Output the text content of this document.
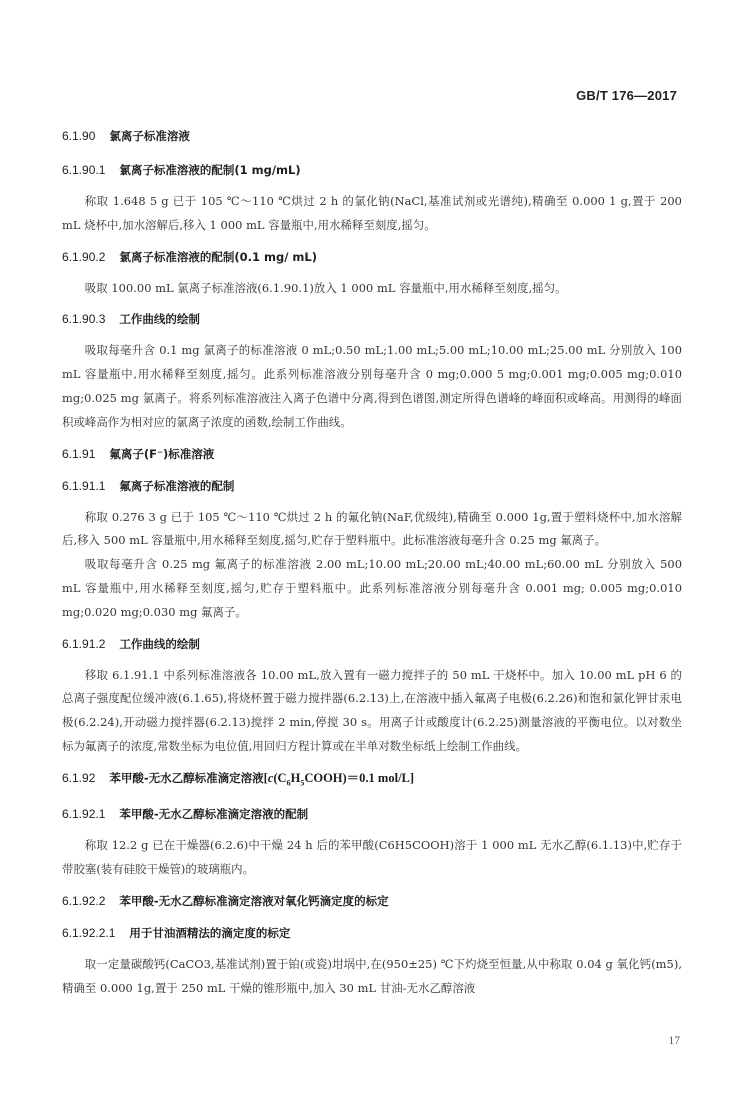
GB/T 176—2017
6.1.90 氯离子标准溶液
6.1.90.1 氯离子标准溶液的配制(1 mg/mL)

称取 1.648 5 g 已于 105 ℃～110 ℃烘过 2 h 的氯化钠(NaCl,基准试剂或光谱纯),精确至 0.000 1 g,置于 200 mL 烧杯中,加水溶解后,移入 1 000 mL 容量瓶中,用水稀释至刻度,摇匀。

6.1.90.2 氯离子标准溶液的配制(0.1 mg/ mL)

吸取 100.00 mL 氯离子标准溶液(6.1.90.1)放入 1 000 mL 容量瓶中,用水稀释至刻度,摇匀。

6.1.90.3 工作曲线的绘制

吸取每毫升含 0.1 mg 氯离子的标准溶液 0 mL;0.50 mL;1.00 mL;5.00 mL;10.00 mL;25.00 mL 分别放入 100 mL 容量瓶中,用水稀释至刻度,摇匀。此系列标准溶液分别每毫升含 0 mg;0.000 5 mg;0.001 mg;0.005 mg;0.010 mg;0.025 mg 氯离子。将系列标准溶液注入离子色谱中分离,得到色谱图,测定所得色谱峰的峰面积或峰高。用测得的峰面积或峰高作为相对应的氯离子浓度的函数,绘制工作曲线。

6.1.91 氟离子(F⁻)标准溶液
6.1.91.1 氟离子标准溶液的配制

称取 0.276 3 g 已于 105 ℃～110 ℃烘过 2 h 的氟化钠(NaF,优级纯),精确至 0.000 1g,置于塑料烧杯中,加水溶解后,移入 500 mL 容量瓶中,用水稀释至刻度,摇匀,贮存于塑料瓶中。此标准溶液每毫升含 0.25 mg 氟离子。

吸取每毫升含 0.25 mg 氟离子的标准溶液 2.00 mL;10.00 mL;20.00 mL;40.00 mL;60.00 mL 分别放入 500 mL 容量瓶中,用水稀释至刻度,摇匀,贮存于塑料瓶中。此系列标准溶液分别每毫升含 0.001 mg; 0.005 mg;0.010 mg;0.020 mg;0.030 mg 氟离子。

6.1.91.2 工作曲线的绘制

移取 6.1.91.1 中系列标准溶液各 10.00 mL,放入置有一磁力搅拌子的 50 mL 干烧杯中。加入 10.00 mL pH 6 的总离子强度配位缓冲液(6.1.65),将烧杯置于磁力搅拌器(6.2.13)上,在溶液中插入氟离子电极(6.2.26)和饱和氯化钾甘汞电极(6.2.24),开动磁力搅拌器(6.2.13)搅拌 2 min,停搅 30 s。用离子计或酸度计(6.2.25)测量溶液的平衡电位。以对数坐标为氟离子的浓度,常数坐标为电位值,用回归方程计算或在半单对数坐标纸上绘制工作曲线。

6.1.92 苯甲酸-无水乙醇标准滴定溶液[$c(C_6H_5COOH)=0.1$ mol/L]
6.1.92.1 苯甲酸-无水乙醇标准滴定溶液的配制

称取 12.2 g 已在干燥器(6.2.6)中干燥 24 h 后的苯甲酸(C6H5COOH)溶于 1 000 mL 无水乙醇(6.1.13)中,贮存于带胶塞(装有硅胶干燥管)的玻璃瓶内。

6.1.92.2 苯甲酸-无水乙醇标准滴定溶液对氧化钙滴定度的标定
6.1.92.2.1 用于甘油酒精法的滴定度的标定

取一定量碳酸钙(CaCO3,基准试剂)置于铂(或瓷)坩埚中,在(950±25) ℃下灼烧至恒量,从中称取 0.04 g 氧化钙(m5),精确至 0.000 1g,置于 250 mL 干燥的锥形瓶中,加入 30 mL 甘油-无水乙醇溶液

17
